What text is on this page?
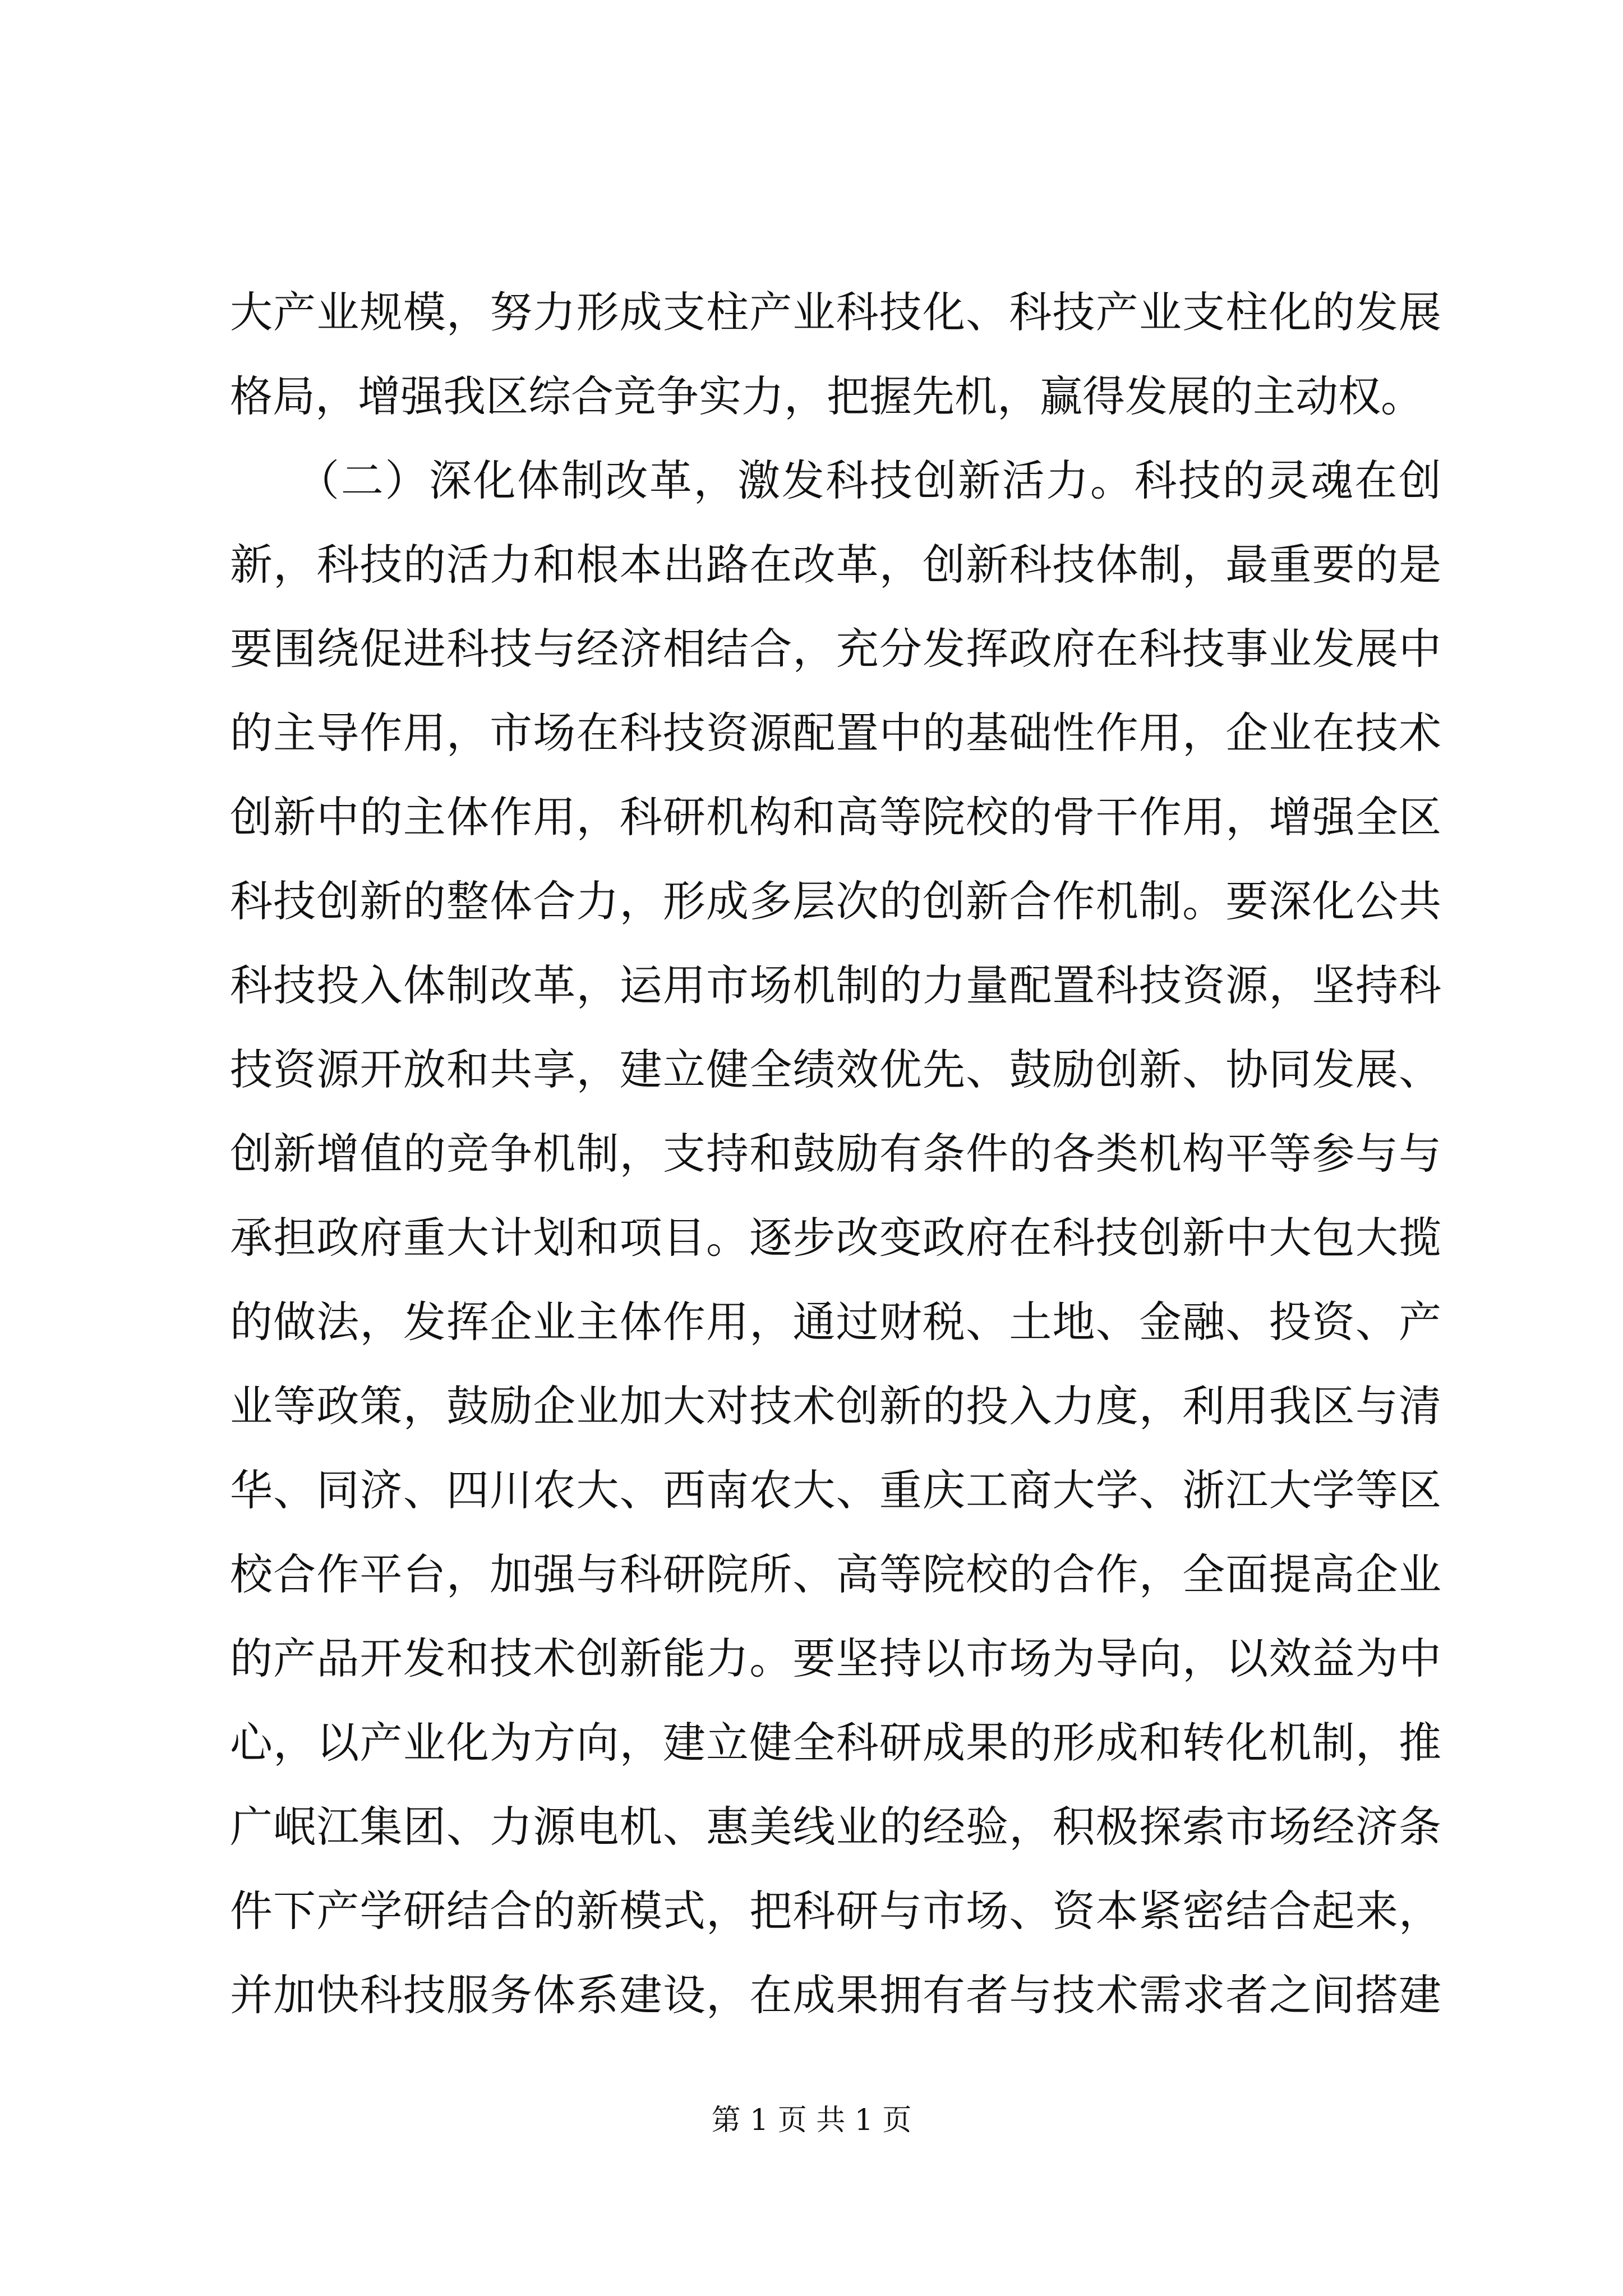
大产业规模，努力形成支柱产业科技化、科技产业支柱化的发展
格局，增强我区综合竞争实力，把握先机，赢得发展的主动权。
　　（二）深化体制改革，激发科技创新活力。科技的灵魂在创
新，科技的活力和根本出路在改革，创新科技体制，最重要的是
要围绕促进科技与经济相结合，充分发挥政府在科技事业发展中
的主导作用，市场在科技资源配置中的基础性作用，企业在技术
创新中的主体作用，科研机构和高等院校的骨干作用，增强全区
科技创新的整体合力，形成多层次的创新合作机制。要深化公共
科技投入体制改革，运用市场机制的力量配置科技资源，坚持科
技资源开放和共享，建立健全绩效优先、鼓励创新、协同发展、
创新增值的竞争机制，支持和鼓励有条件的各类机构平等参与与
承担政府重大计划和项目。逐步改变政府在科技创新中大包大揽
的做法，发挥企业主体作用，通过财税、土地、金融、投资、产
业等政策，鼓励企业加大对技术创新的投入力度，利用我区与清
华、同济、四川农大、西南农大、重庆工商大学、浙江大学等区
校合作平台，加强与科研院所、高等院校的合作，全面提高企业
的产品开发和技术创新能力。要坚持以市场为导向，以效益为中
心，以产业化为方向，建立健全科研成果的形成和转化机制，推
广岷江集团、力源电机、惠美线业的经验，积极探索市场经济条
件下产学研结合的新模式，把科研与市场、资本紧密结合起来，
并加快科技服务体系建设，在成果拥有者与技术需求者之间搭建
第 1 页 共 1 页
